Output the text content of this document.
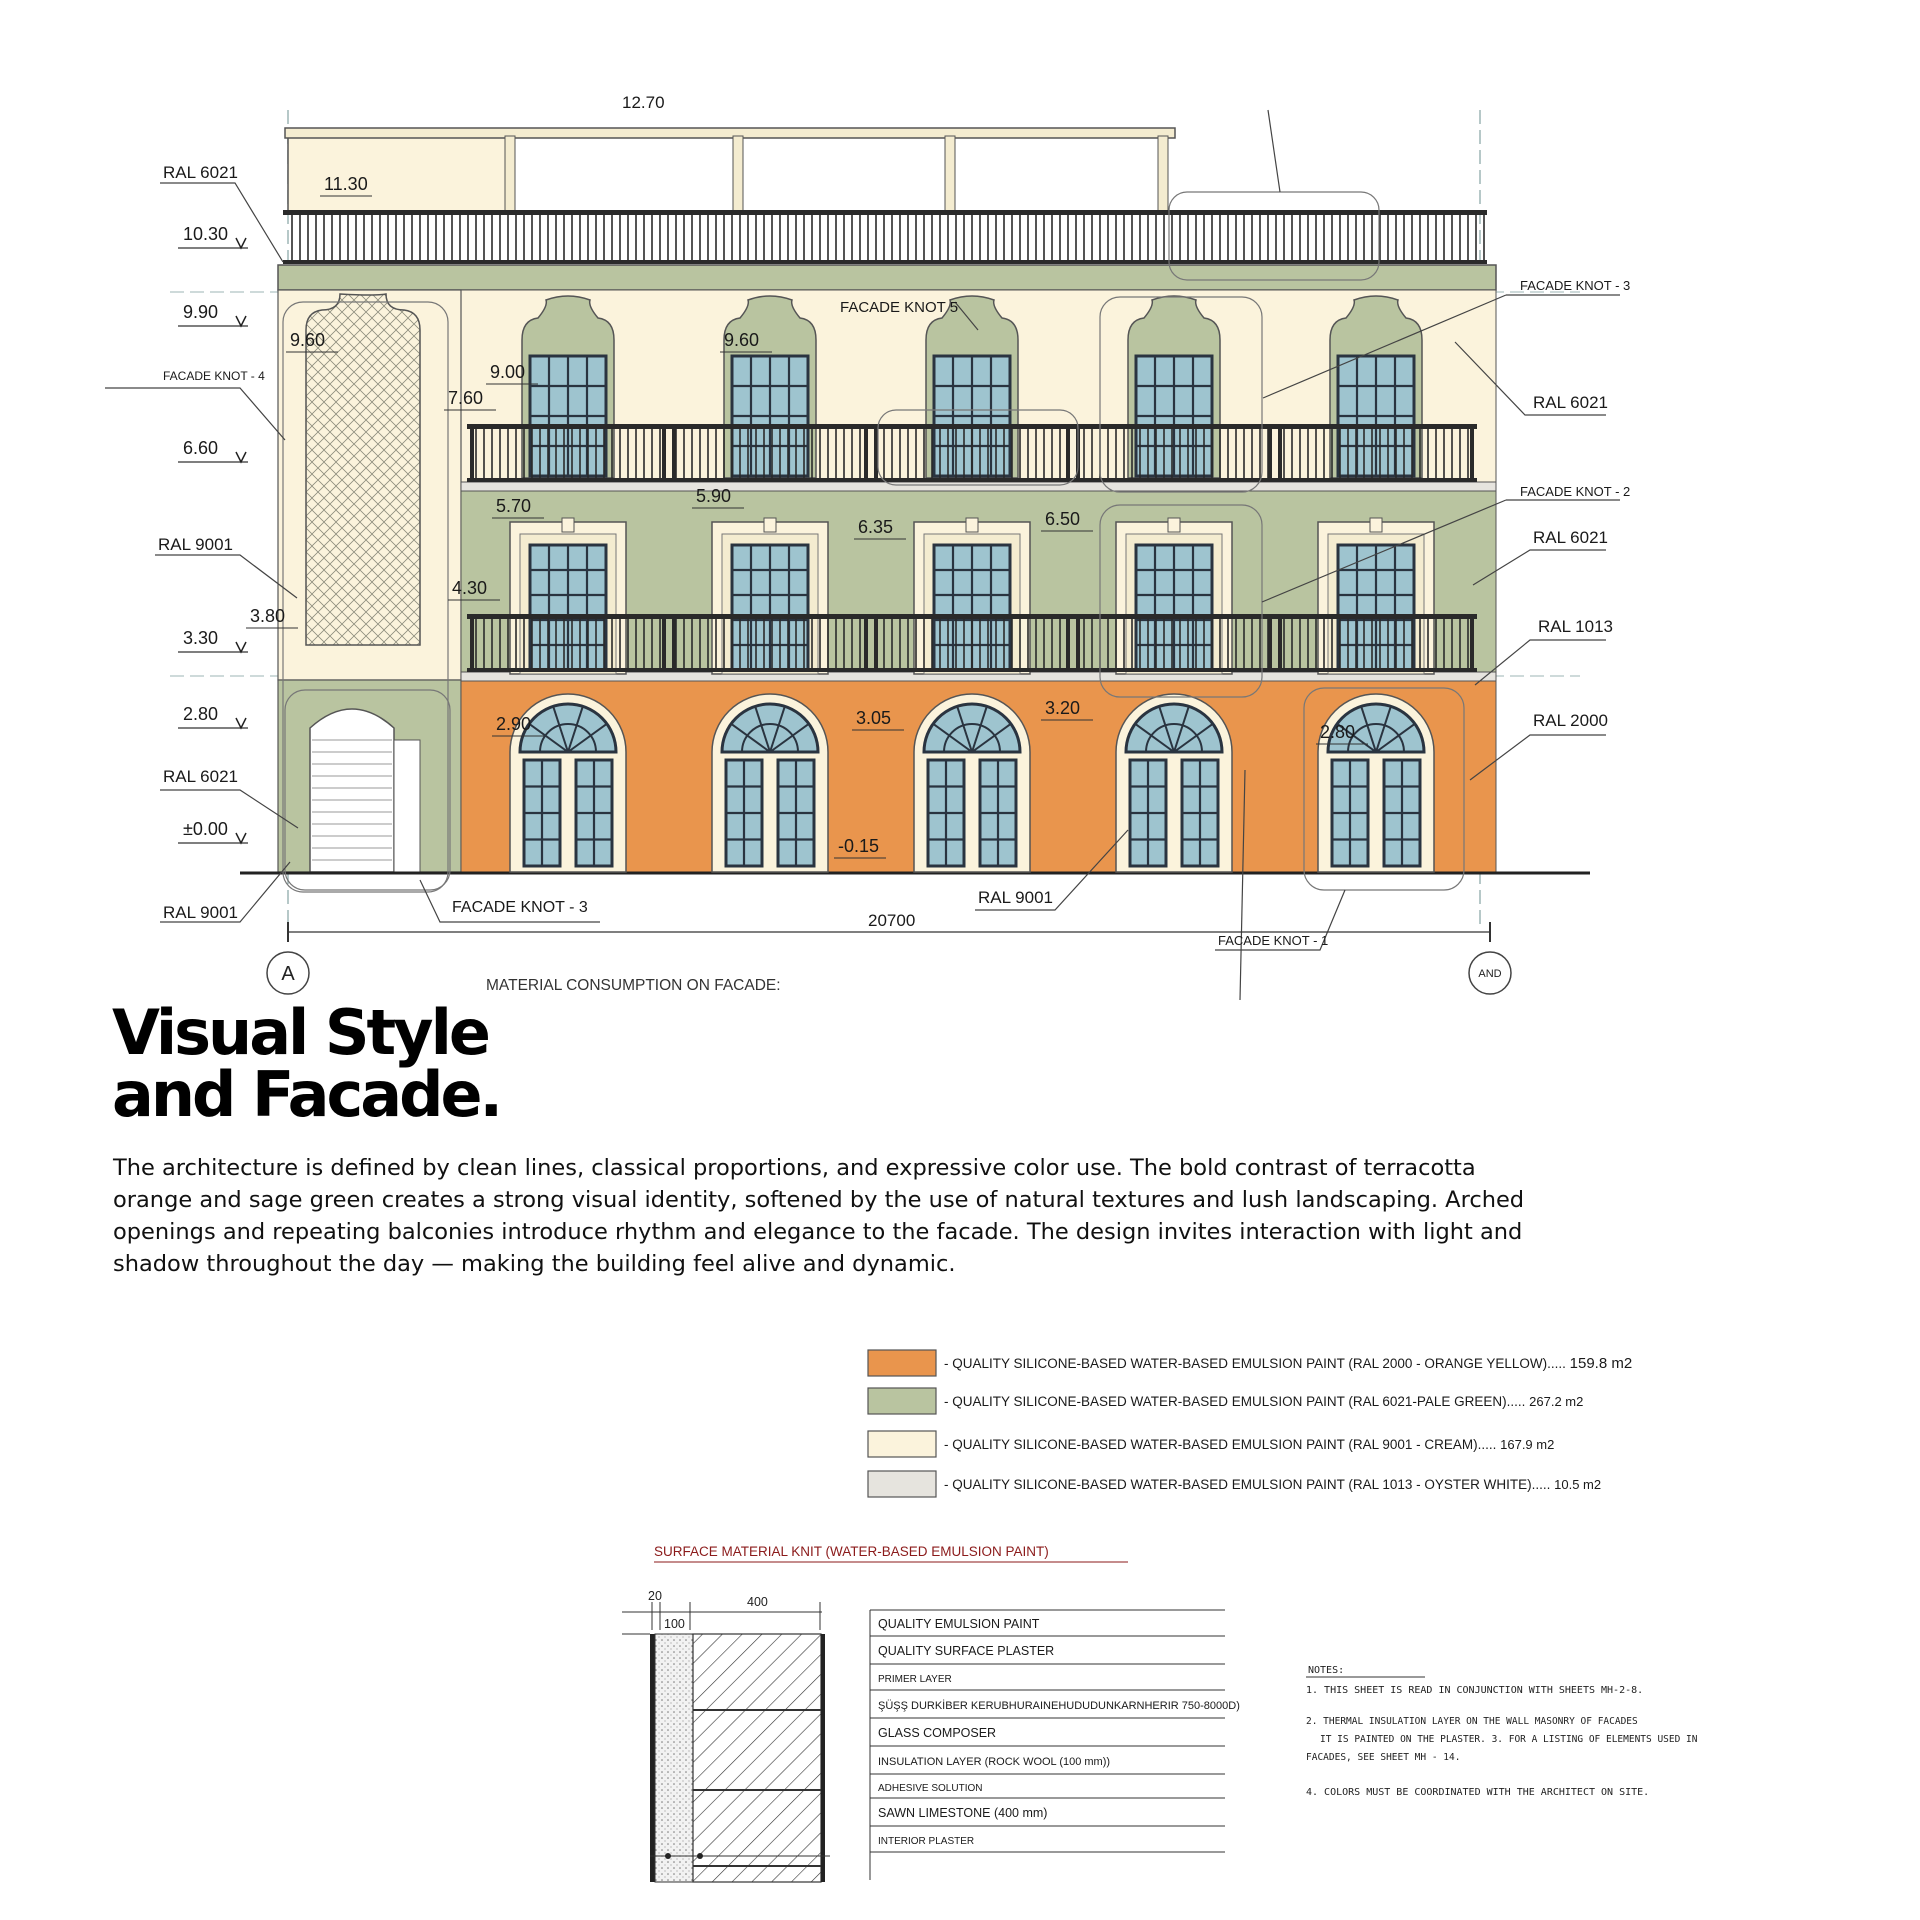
10.30
9.90
6.60
3.30
2.80
±0.00
11.30
9.60
9.00
9.60
7.60
5.70	5.90
6.35	6.50
4.30
3.80
2.90	3.05	3.20
2.80
-0.15
RAL 6021
FACADE KNOT - 4
RAL 9001
RAL 6021
RAL 9001	FACADE KNOT - 3
RAL 9001
FACADE KNOT - 1
FACADE KNOT 5
FACADE KNOT - 3
RAL 6021
FACADE KNOT - 2
RAL 6021
RAL 1013
RAL 2000
12.70
20700
A	AND
MATERIAL CONSUMPTION ON FACADE:
- QUALITY SILICONE-BASED WATER-BASED EMULSION PAINT (RAL 2000 - ORANGE YELLOW)..... 159.8 m2
- QUALITY SILICONE-BASED WATER-BASED EMULSION PAINT (RAL 6021-PALE GREEN)..... 267.2 m2
- QUALITY SILICONE-BASED WATER-BASED EMULSION PAINT (RAL 9001 - CREAM)..... 167.9 m2
- QUALITY SILICONE-BASED WATER-BASED EMULSION PAINT (RAL 1013 - OYSTER WHITE)..... 10.5 m2
SURFACE MATERIAL KNIT (WATER-BASED EMULSION PAINT)
20	400
100	QUALITY EMULSION PAINT
QUALITY SURFACE PLASTER
PRIMER LAYER
ŞÜŞŞ DURKİBER KERUBHURAINEHUDUDUNKARNHERIR 750-8000D)
GLASS COMPOSER
INSULATION LAYER (ROCK WOOL (100 mm))
ADHESIVE SOLUTION
SAWN LIMESTONE (400 mm)
INTERIOR PLASTER
NOTES:
1. THIS SHEET IS READ IN CONJUNCTION WITH SHEETS MH-2-8.
2. THERMAL INSULATION LAYER ON THE WALL MASONRY OF FACADES
IT IS PAINTED ON THE PLASTER. 3. FOR A LISTING OF ELEMENTS USED IN
FACADES, SEE SHEET MH - 14.
4. COLORS MUST BE COORDINATED WITH THE ARCHITECT ON SITE.
Visual Style
and Facade.

The architecture is defined by clean lines, classical proportions, and expressive color use. The bold contrast of terracotta orange and sage green creates a strong visual identity, softened by the use of natural textures and lush landscaping. Arched openings and repeating balconies introduce rhythm and elegance to the facade. The design invites interaction with light and shadow throughout the day — making the building feel alive and dynamic.
